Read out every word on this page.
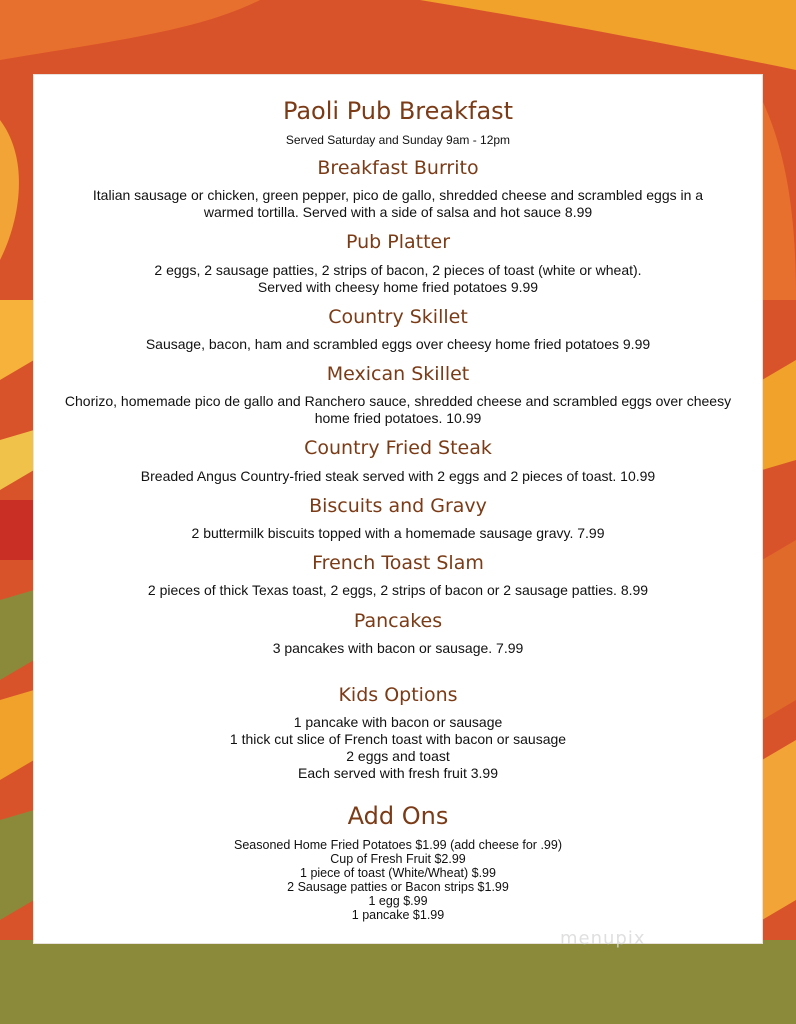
Paoli Pub Breakfast
Served Saturday and Sunday 9am - 12pm
Breakfast Burrito
Italian sausage or chicken, green pepper, pico de gallo, shredded cheese and scrambled eggs in a
warmed tortilla. Served with a side of salsa and hot sauce 8.99
Pub Platter
2 eggs, 2 sausage patties, 2 strips of bacon, 2 pieces of toast (white or wheat).
Served with cheesy home fried potatoes 9.99
Country Skillet
Sausage, bacon, ham and scrambled eggs over cheesy home fried potatoes 9.99
Mexican Skillet
Chorizo, homemade pico de gallo and Ranchero sauce, shredded cheese and scrambled eggs over cheesy
home fried potatoes. 10.99
Country Fried Steak
Breaded Angus Country-fried steak served with 2 eggs and 2 pieces of toast. 10.99
Biscuits and Gravy
2 buttermilk biscuits topped with a homemade sausage gravy. 7.99
French Toast Slam
2 pieces of thick Texas toast, 2 eggs, 2 strips of bacon or 2 sausage patties. 8.99
Pancakes
3 pancakes with bacon or sausage. 7.99
Kids Options
1 pancake with bacon or sausage
1 thick cut slice of French toast with bacon or sausage
2 eggs and toast
Each served with fresh fruit 3.99
Add Ons
Seasoned Home Fried Potatoes $1.99 (add cheese for .99)
Cup of Fresh Fruit $2.99
1 piece of toast (White/Wheat) $.99
2 Sausage patties or Bacon strips $1.99
1 egg $.99
1 pancake $1.99
menupix
